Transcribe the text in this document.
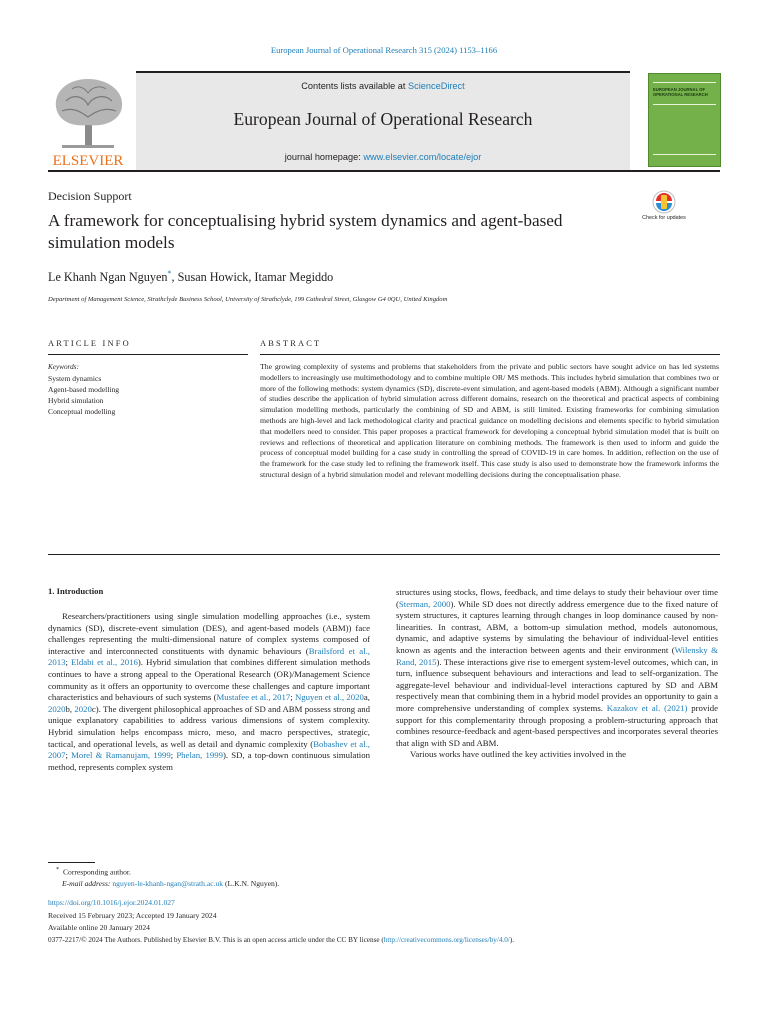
European Journal of Operational Research 315 (2024) 1153–1166
ELSEVIER
Contents lists available at ScienceDirect
European Journal of Operational Research
journal homepage: www.elsevier.com/locate/ejor
EUROPEAN JOURNAL OF OPERATIONAL RESEARCH
Decision Support
A framework for conceptualising hybrid system dynamics and agent-based simulation models
Check for updates
Le Khanh Ngan Nguyen*, Susan Howick, Itamar Megiddo
Department of Management Science, Strathclyde Business School, University of Strathclyde, 199 Cathedral Street, Glasgow G4 0QU, United Kingdom
ARTICLE INFO	ABSTRACT
Keywords:
System dynamics
Agent-based modelling
Hybrid simulation
Conceptual modelling
The growing complexity of systems and problems that stakeholders from the private and public sectors have sought advice on has led systems modellers to increasingly use multimethodology and to combine multiple OR/ MS methods. This includes hybrid simulation that combines two or more of the following methods: system dynamics (SD), discrete-event simulation, and agent-based models (ABM). Although a significant number of studies describe the application of hybrid simulation across different domains, research on the theoretical and practical aspects of combining simulation modelling methods, particularly the combining of SD and ABM, is still limited. Existing frameworks for combining simulation methods are high-level and lack methodological clarity and practical guidance on modelling decisions and elements specific to hybrid simulation that modellers need to consider. This paper proposes a practical framework for developing a conceptual hybrid simulation model that is built on reviews and reflections of theoretical and application literature on combining methods. The framework is then used to inform and guide the process of conceptual model building for a case study in controlling the spread of COVID-19 in care homes. In addition, reflection on the use of the framework for the case study led to refining the framework itself. This case study is also used to demonstrate how the framework informs the structural design of a hybrid simulation model and relevant modelling decisions during the conceptualisation phase.
1. Introduction

Researchers/practitioners using single simulation modelling approaches (i.e., system dynamics (SD), discrete-event simulation (DES), and agent-based models (ABM)) face challenges representing the multi-dimensional nature of complex systems composed of interactive and interconnected constituents with dynamic behaviours (Brailsford et al., 2013; Eldabi et al., 2016). Hybrid simulation that combines different simulation methods continues to have a strong appeal to the Operational Research (OR)/Management Science community as it offers an opportunity to overcome these challenges and capture important characteristics and behaviours of such systems (Mustafee et al., 2017; Nguyen et al., 2020a, 2020b, 2020c). The divergent philosophical approaches of SD and ABM possess strong and unique explanatory capabilities to address various dimensions of system complexity. Hybrid simulation helps encompass micro, meso, and macro perspectives, strategic, tactical, and operational levels, as well as detail and dynamic complexity (Bobashev et al., 2007; Morel & Ramanujam, 1999; Phelan, 1999). SD, a top-down continuous simulation method, represents complex system

structures using stocks, flows, feedback, and time delays to study their behaviour over time (Sterman, 2000). While SD does not directly address emergence due to the fixed nature of system structures, it captures learning through changes in loop dominance caused by non-linearities. In contrast, ABM, a bottom-up simulation method, models autonomous, dynamic, and adaptive systems by simulating the behaviour of individual-level entities known as agents and the interaction between agents and their environment (Wilensky & Rand, 2015). These interactions give rise to emergent system-level outcomes, which can, in turn, influence subsequent behaviours and interactions and lead to self-organization. The aggregate-level behaviour and individual-level interactions captured by SD and ABM respectively mean that combining them in a hybrid model provides an opportunity to gain a more comprehensive understanding of complex systems. Kazakov et al. (2021) provide support for this complementarity through proposing a problem-structuring approach that combines resource-feedback and agent-based perspectives and incorporates several theories that align with SD and ABM.

Various works have outlined the key activities involved in the

* Corresponding author.
E-mail address: nguyen-le-khanh-ngan@strath.ac.uk (L.K.N. Nguyen).
https://doi.org/10.1016/j.ejor.2024.01.027
Received 15 February 2023; Accepted 19 January 2024
Available online 20 January 2024
0377-2217/© 2024 The Authors. Published by Elsevier B.V. This is an open access article under the CC BY license (http://creativecommons.org/licenses/by/4.0/).
